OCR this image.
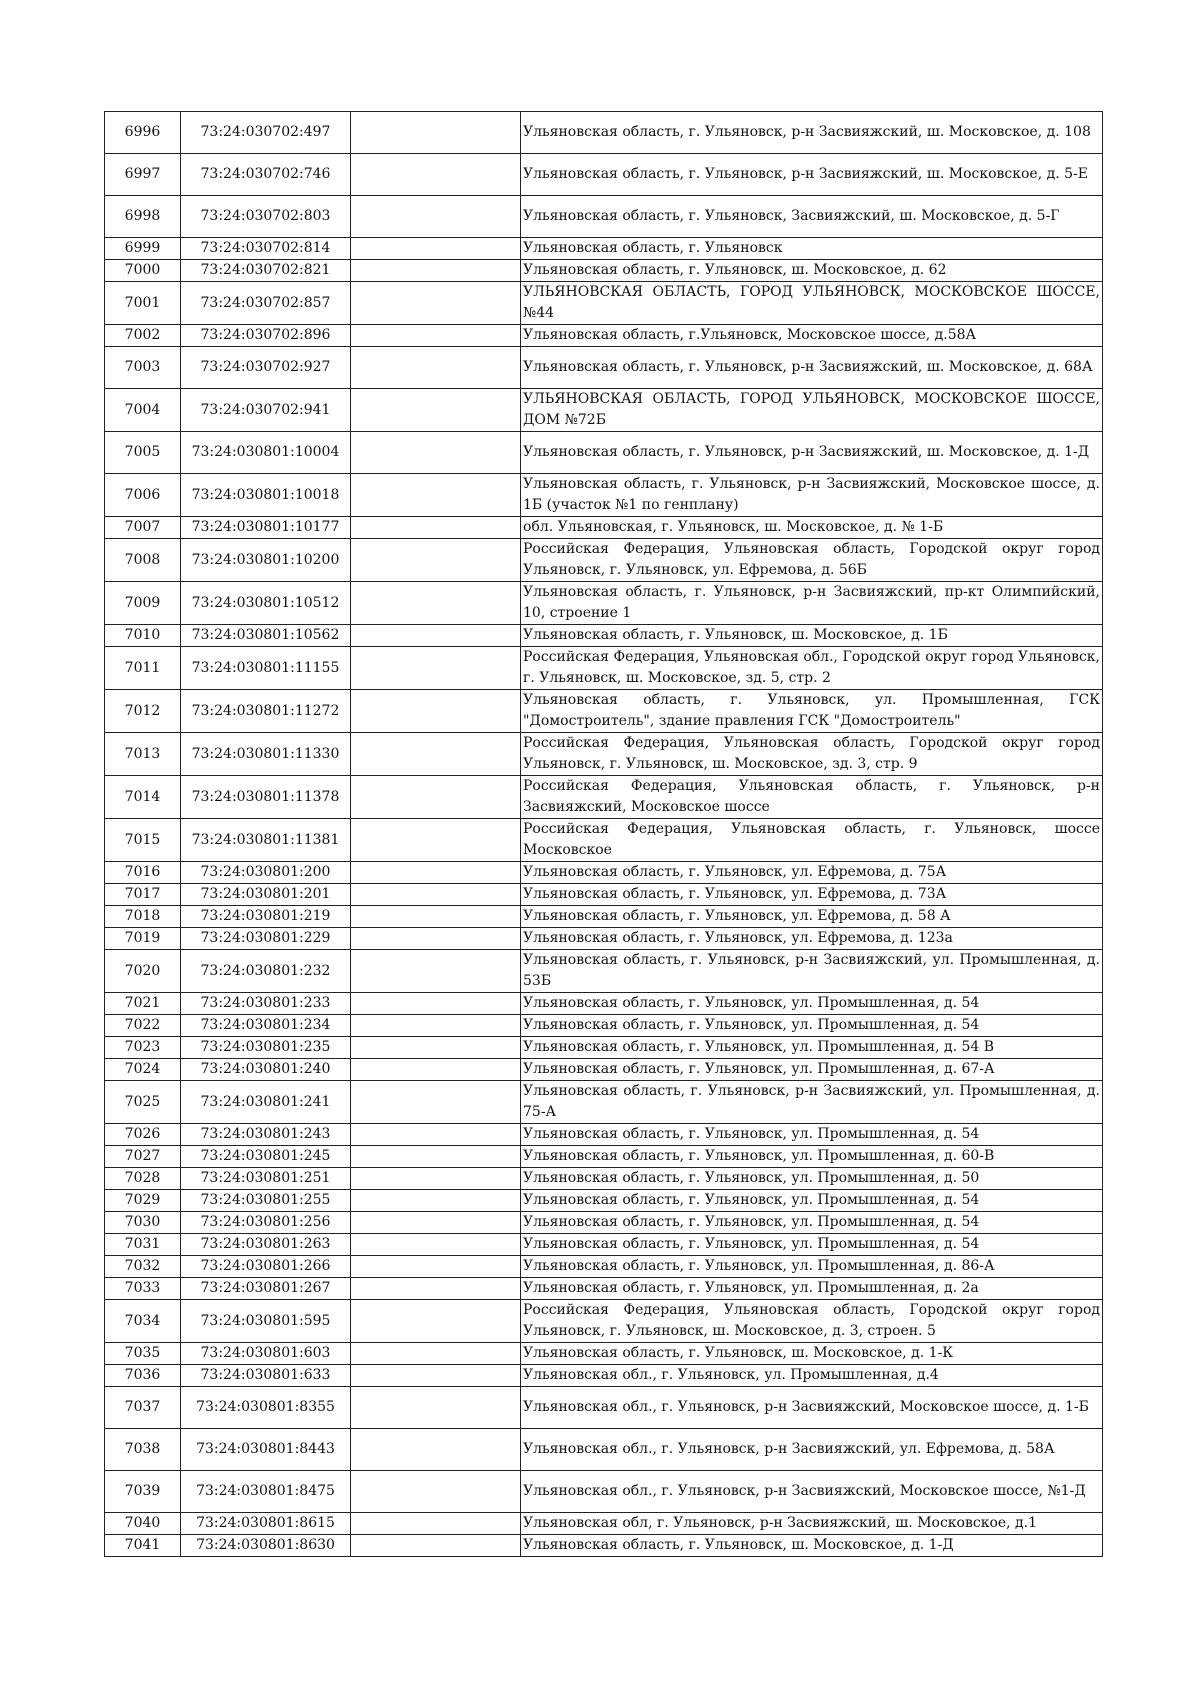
6996	73:24:030702:497		Ульяновская область, г. Ульяновск, р-н Засвияжский, ш. Московское, д. 108
6997	73:24:030702:746		Ульяновская область, г. Ульяновск, р-н Засвияжский, ш. Московское, д. 5-Е
6998	73:24:030702:803		Ульяновская область, г. Ульяновск, Засвияжский, ш. Московское, д. 5-Г
6999	73:24:030702:814		Ульяновская область, г. Ульяновск
7000	73:24:030702:821		Ульяновская область, г. Ульяновск, ш. Московское, д. 62
7001	73:24:030702:857		УЛЬЯНОВСКАЯ ОБЛАСТЬ, ГОРОД УЛЬЯНОВСК, МОСКОВСКОЕ ШОССЕ, №44
7002	73:24:030702:896		Ульяновская область, г.Ульяновск, Московское шоссе, д.58А
7003	73:24:030702:927		Ульяновская область, г. Ульяновск, р-н Засвияжский, ш. Московское, д. 68А
7004	73:24:030702:941		УЛЬЯНОВСКАЯ ОБЛАСТЬ, ГОРОД УЛЬЯНОВСК, МОСКОВСКОЕ ШОССЕ, ДОМ №72Б
7005	73:24:030801:10004		Ульяновская область, г. Ульяновск, р-н Засвияжский, ш. Московское, д. 1-Д
7006	73:24:030801:10018		Ульяновская область, г. Ульяновск, р-н Засвияжский, Московское шоссе, д. 1Б (участок №1 по генплану)
7007	73:24:030801:10177		обл. Ульяновская, г. Ульяновск, ш. Московское, д. № 1-Б
7008	73:24:030801:10200		Российская Федерация, Ульяновская область, Городской округ город Ульяновск, г. Ульяновск, ул. Ефремова, д. 56Б
7009	73:24:030801:10512		Ульяновская область, г. Ульяновск, р-н Засвияжский, пр-кт Олимпийский, 10, строение 1
7010	73:24:030801:10562		Ульяновская область, г. Ульяновск, ш. Московское, д. 1Б
7011	73:24:030801:11155		Российская Федерация, Ульяновская обл., Городской округ город Ульяновск, г. Ульяновск, ш. Московское, зд. 5, стр. 2
7012	73:24:030801:11272		Ульяновская область, г. Ульяновск, ул. Промышленная, ГСК "Домостроитель", здание правления ГСК "Домостроитель"
7013	73:24:030801:11330		Российская Федерация, Ульяновская область, Городской округ город Ульяновск, г. Ульяновск, ш. Московское, зд. 3, стр. 9
7014	73:24:030801:11378		Российская Федерация, Ульяновская область, г. Ульяновск, р-н Засвияжский, Московское шоссе
7015	73:24:030801:11381		Российская Федерация, Ульяновская область, г. Ульяновск, шоссе Московское
7016	73:24:030801:200		Ульяновская область, г. Ульяновск, ул. Ефремова, д. 75А
7017	73:24:030801:201		Ульяновская область, г. Ульяновск, ул. Ефремова, д. 73А
7018	73:24:030801:219		Ульяновская область, г. Ульяновск, ул. Ефремова, д. 58 А
7019	73:24:030801:229		Ульяновская область, г. Ульяновск, ул. Ефремова, д. 123а
7020	73:24:030801:232		Ульяновская область, г. Ульяновск, р-н Засвияжский, ул. Промышленная, д. 53Б
7021	73:24:030801:233		Ульяновская область, г. Ульяновск, ул. Промышленная, д. 54
7022	73:24:030801:234		Ульяновская область, г. Ульяновск, ул. Промышленная, д. 54
7023	73:24:030801:235		Ульяновская область, г. Ульяновск, ул. Промышленная, д. 54 В
7024	73:24:030801:240		Ульяновская область, г. Ульяновск, ул. Промышленная, д. 67-А
7025	73:24:030801:241		Ульяновская область, г. Ульяновск, р-н Засвияжский, ул. Промышленная, д. 75-А
7026	73:24:030801:243		Ульяновская область, г. Ульяновск, ул. Промышленная, д. 54
7027	73:24:030801:245		Ульяновская область, г. Ульяновск, ул. Промышленная, д. 60-В
7028	73:24:030801:251		Ульяновская область, г. Ульяновск, ул. Промышленная, д. 50
7029	73:24:030801:255		Ульяновская область, г. Ульяновск, ул. Промышленная, д. 54
7030	73:24:030801:256		Ульяновская область, г. Ульяновск, ул. Промышленная, д. 54
7031	73:24:030801:263		Ульяновская область, г. Ульяновск, ул. Промышленная, д. 54
7032	73:24:030801:266		Ульяновская область, г. Ульяновск, ул. Промышленная, д. 86-А
7033	73:24:030801:267		Ульяновская область, г. Ульяновск, ул. Промышленная, д. 2а
7034	73:24:030801:595		Российская Федерация, Ульяновская область, Городской округ город Ульяновск, г. Ульяновск, ш. Московское, д. 3, строен. 5
7035	73:24:030801:603		Ульяновская область, г. Ульяновск, ш. Московское, д. 1-К
7036	73:24:030801:633		Ульяновская обл., г. Ульяновск, ул. Промышленная, д.4
7037	73:24:030801:8355		Ульяновская обл., г. Ульяновск, р-н Засвияжский, Московское шоссе, д. 1-Б
7038	73:24:030801:8443		Ульяновская обл., г. Ульяновск, р-н Засвияжский, ул. Ефремова, д. 58А
7039	73:24:030801:8475		Ульяновская обл., г. Ульяновск, р-н Засвияжский, Московское шоссе, №1-Д
7040	73:24:030801:8615		Ульяновская обл, г. Ульяновск, р-н Засвияжский, ш. Московское, д.1
7041	73:24:030801:8630		Ульяновская область, г. Ульяновск, ш. Московское, д. 1-Д
